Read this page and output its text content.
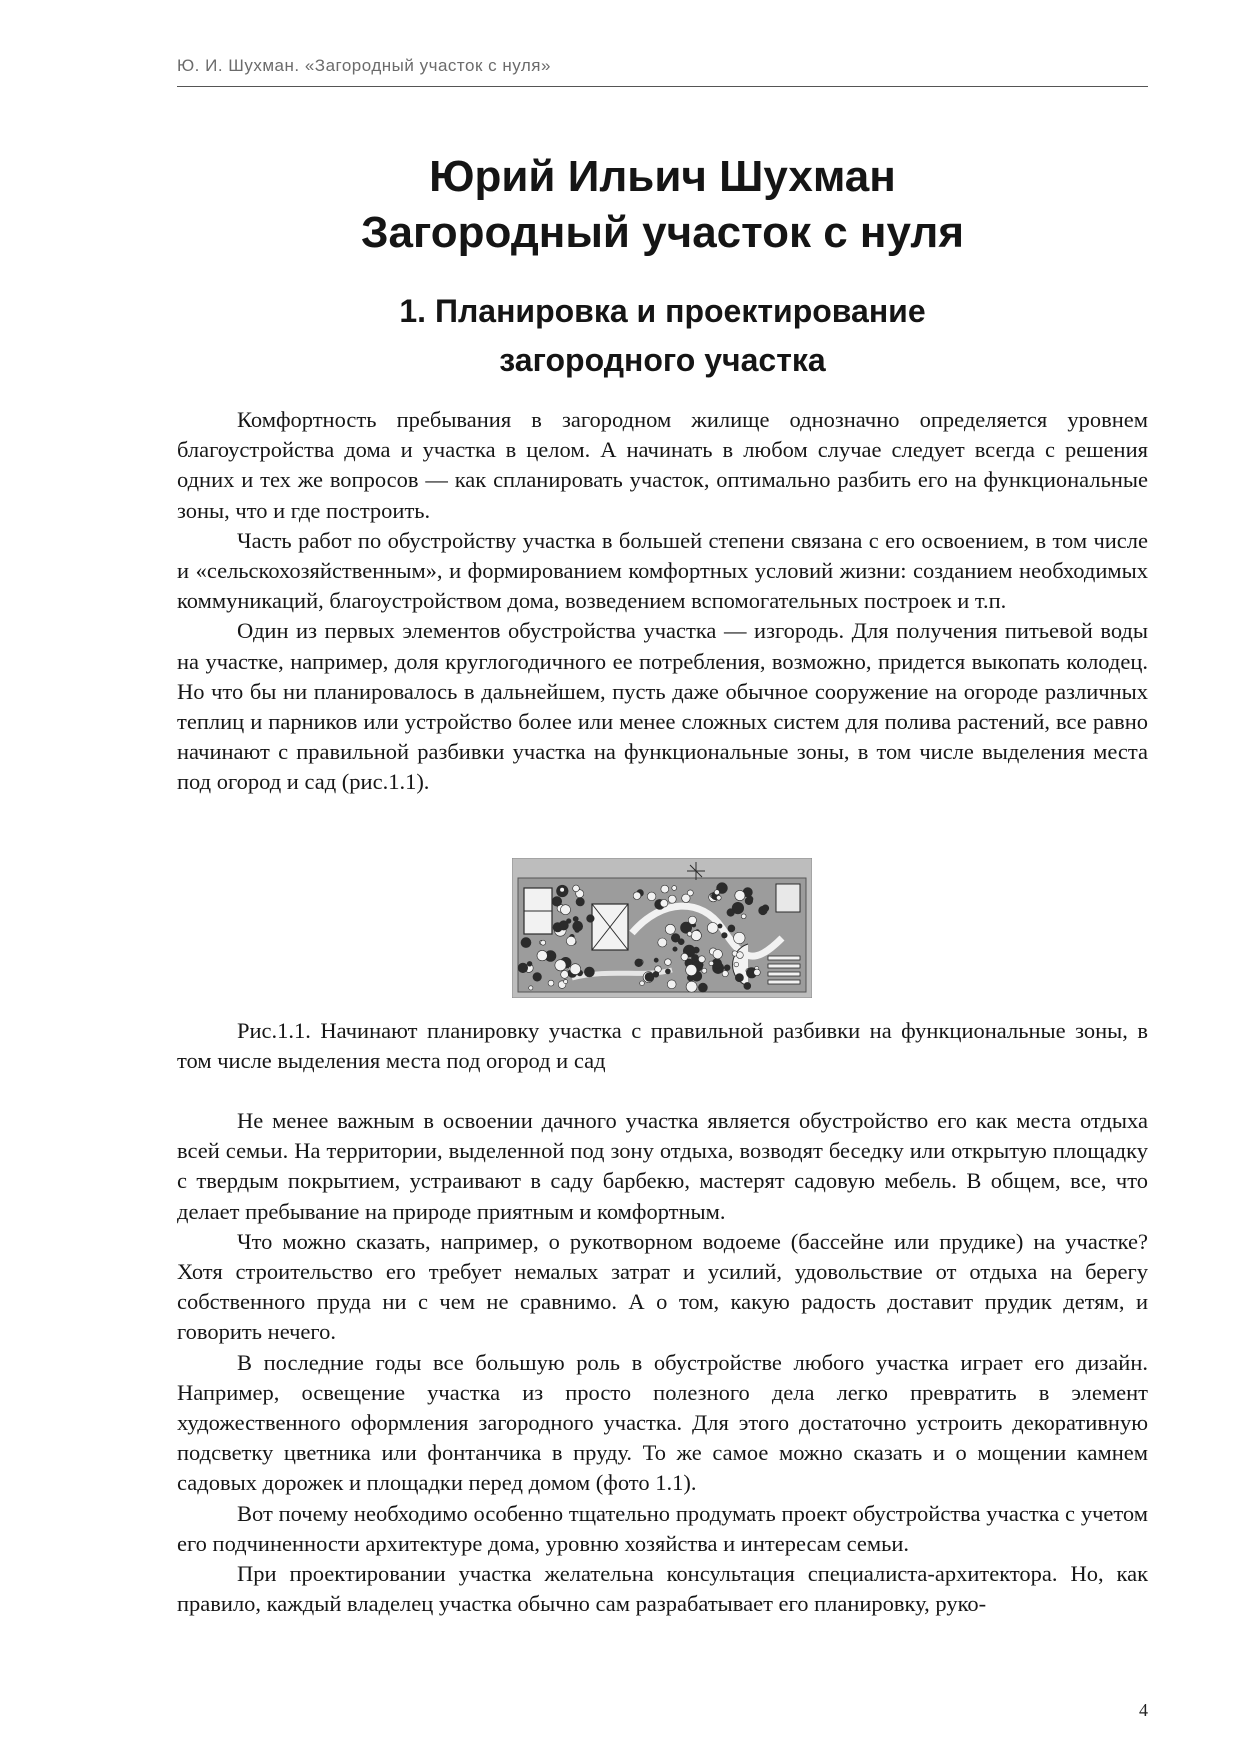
Ю. И. Шухман. «Загородный участок с нуля»
Юрий Ильич Шухман
Загородный участок с нуля
1. Планировка и проектирование
загородного участка

Комфортность пребывания в загородном жилище однозначно определяется уровнем благоустройства дома и участка в целом. А начинать в любом случае следует всегда с решения одних и тех же вопросов — как спланировать участок, оптимально разбить его на функциональные зоны, что и где построить.

Часть работ по обустройству участка в большей степени связана с его освоением, в том числе и «сельскохозяйственным», и формированием комфортных условий жизни: созданием необходимых коммуникаций, благоустройством дома, возведением вспомогательных построек и т.п.

Один из первых элементов обустройства участка — изгородь. Для получения питьевой воды на участке, например, доля круглогодичного ее потребления, возможно, придется выкопать колодец. Но что бы ни планировалось в дальнейшем, пусть даже обычное сооружение на огороде различных теплиц и парников или устройство более или менее сложных систем для полива растений, все равно начинают с правильной разбивки участка на функциональные зоны, в том числе выделения места под огород и сад (рис.1.1).

Рис.1.1. Начинают планировку участка с правильной разбивки на функциональные зоны, в том числе выделения места под огород и сад

Не менее важным в освоении дачного участка является обустройство его как места отдыха всей семьи. На территории, выделенной под зону отдыха, возводят беседку или открытую площадку с твердым покрытием, устраивают в саду барбекю, мастерят садовую мебель. В общем, все, что делает пребывание на природе приятным и комфортным.

Что можно сказать, например, о рукотворном водоеме (бассейне или прудике) на участке? Хотя строительство его требует немалых затрат и усилий, удовольствие от отдыха на берегу собственного пруда ни с чем не сравнимо. А о том, какую радость доставит прудик детям, и говорить нечего.

В последние годы все большую роль в обустройстве любого участка играет его дизайн. Например, освещение участка из просто полезного дела легко превратить в элемент художественного оформления загородного участка. Для этого достаточно устроить декоративную подсветку цветника или фонтанчика в пруду. То же самое можно сказать и о мощении камнем садовых дорожек и площадки перед домом (фото 1.1).

Вот почему необходимо особенно тщательно продумать проект обустройства участка с учетом его подчиненности архитектуре дома, уровню хозяйства и интересам семьи.

При проектировании участка желательна консультация специалиста-архитектора. Но, как правило, каждый владелец участка обычно сам разрабатывает его планировку, руко-

4
